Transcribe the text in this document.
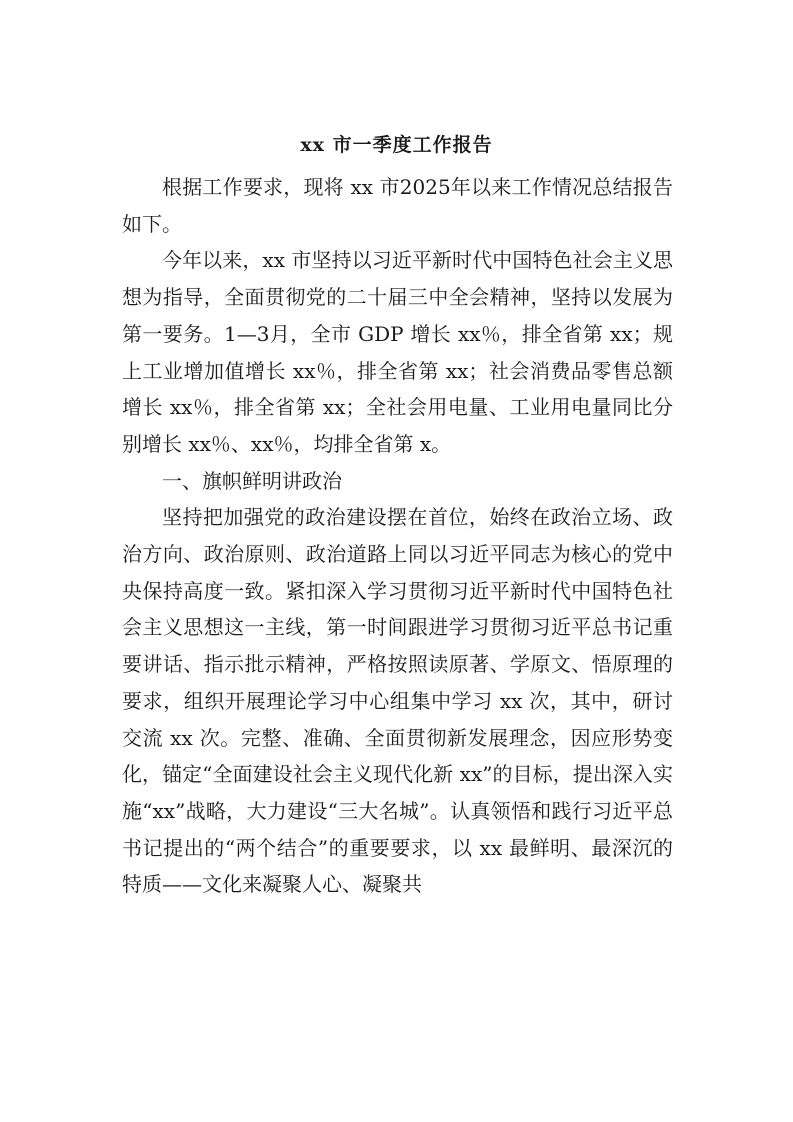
xx 市一季度工作报告

根据工作要求，现将 xx 市2025年以来工作情况总结报告如下。

今年以来，xx 市坚持以习近平新时代中国特色社会主义思想为指导，全面贯彻党的二十届三中全会精神，坚持以发展为第一要务。1—3月，全市 GDP 增长 xx％，排全省第 xx；规上工业增加值增长 xx％，排全省第 xx；社会消费品零售总额增长 xx％，排全省第 xx；全社会用电量、工业用电量同比分别增长 xx％、xx％，均排全省第 x。

一、旗帜鲜明讲政治

坚持把加强党的政治建设摆在首位，始终在政治立场、政治方向、政治原则、政治道路上同以习近平同志为核心的党中央保持高度一致。紧扣深入学习贯彻习近平新时代中国特色社会主义思想这一主线，第一时间跟进学习贯彻习近平总书记重要讲话、指示批示精神，严格按照读原著、学原文、悟原理的要求，组织开展理论学习中心组集中学习 xx 次，其中，研讨交流 xx 次。完整、准确、全面贯彻新发展理念，因应形势变化，锚定“全面建设社会主义现代化新 xx”的目标，提出深入实施“xx”战略，大力建设“三大名城”。认真领悟和践行习近平总书记提出的“两个结合”的重要要求，以 xx 最鲜明、最深沉的特质——文化来凝聚人心、凝聚共
